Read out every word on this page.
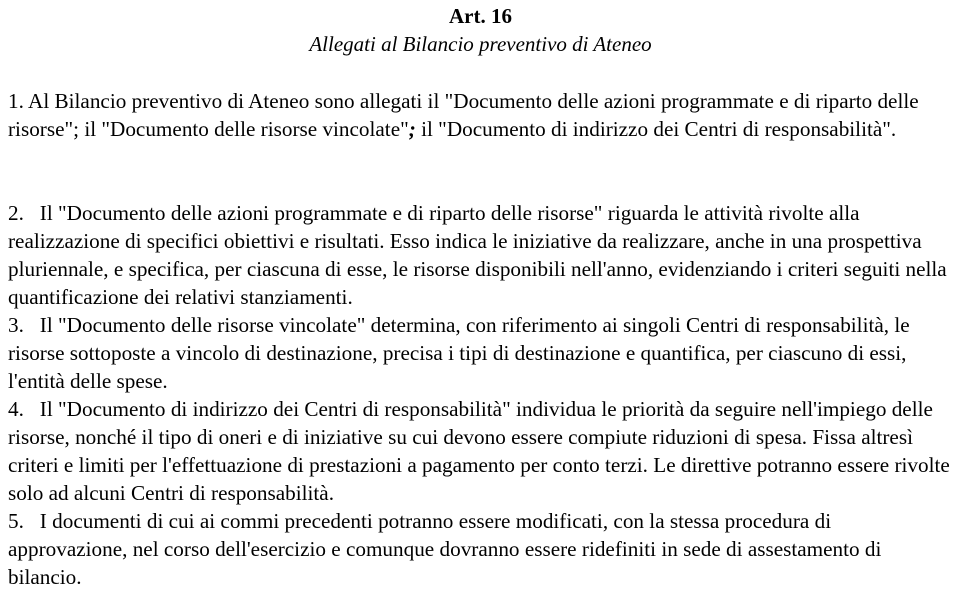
Art. 16
Allegati al Bilancio preventivo di Ateneo

1. Al Bilancio preventivo di Ateneo sono allegati il "Documento delle azioni programmate e di riparto delle risorse"; il "Documento delle risorse vincolate"; il "Documento di indirizzo dei Centri di responsabilità".

2. Il "Documento delle azioni programmate e di riparto delle risorse" riguarda le attività rivolte alla realizzazione di specifici obiettivi e risultati. Esso indica le iniziative da realizzare, anche in una prospettiva pluriennale, e specifica, per ciascuna di esse, le risorse disponibili nell'anno, evidenziando i criteri seguiti nella quantificazione dei relativi stanziamenti.

3. Il "Documento delle risorse vincolate" determina, con riferimento ai singoli Centri di responsabilità, le risorse sottoposte a vincolo di destinazione, precisa i tipi di destinazione e quantifica, per ciascuno di essi, l'entità delle spese.

4. Il "Documento di indirizzo dei Centri di responsabilità" individua le priorità da seguire nell'impiego delle risorse, nonché il tipo di oneri e di iniziative su cui devono essere compiute riduzioni di spesa. Fissa altresì criteri e limiti per l'effettuazione di prestazioni a pagamento per conto terzi. Le direttive potranno essere rivolte solo ad alcuni Centri di responsabilità.

5. I documenti di cui ai commi precedenti potranno essere modificati, con la stessa procedura di approvazione, nel corso dell'esercizio e comunque dovranno essere ridefiniti in sede di assestamento di bilancio.
